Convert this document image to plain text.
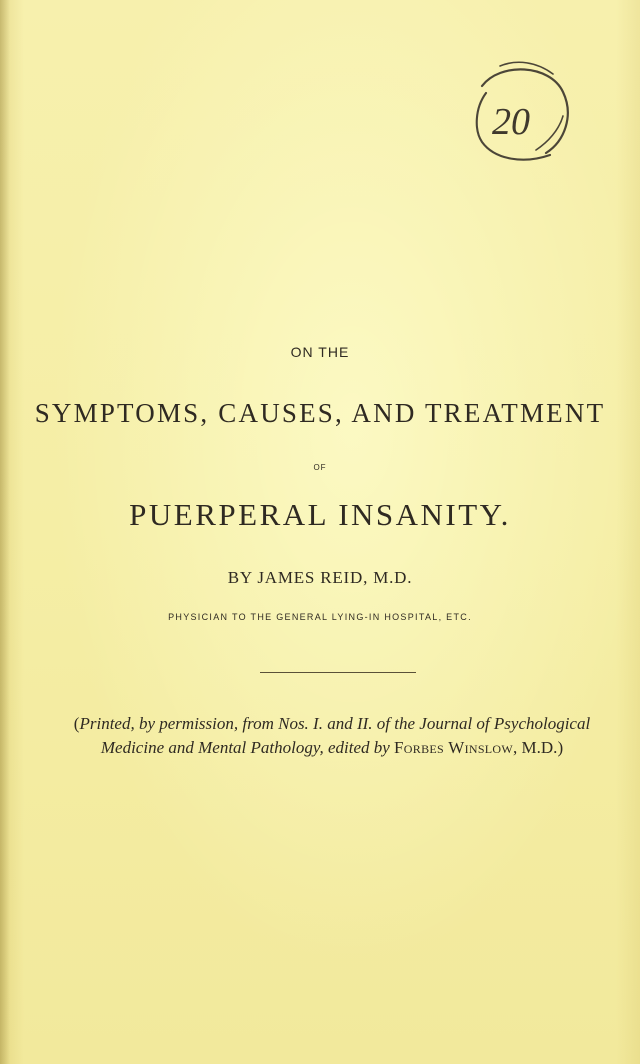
20
ON THE
SYMPTOMS, CAUSES, AND TREATMENT
OF
PUERPERAL INSANITY.
BY JAMES REID, M.D.
PHYSICIAN TO THE GENERAL LYING-IN HOSPITAL, ETC.
(Printed, by permission, from Nos. I. and II. of the Journal of Psychological
Medicine and Mental Pathology, edited by Forbes Winslow, M.D.)
